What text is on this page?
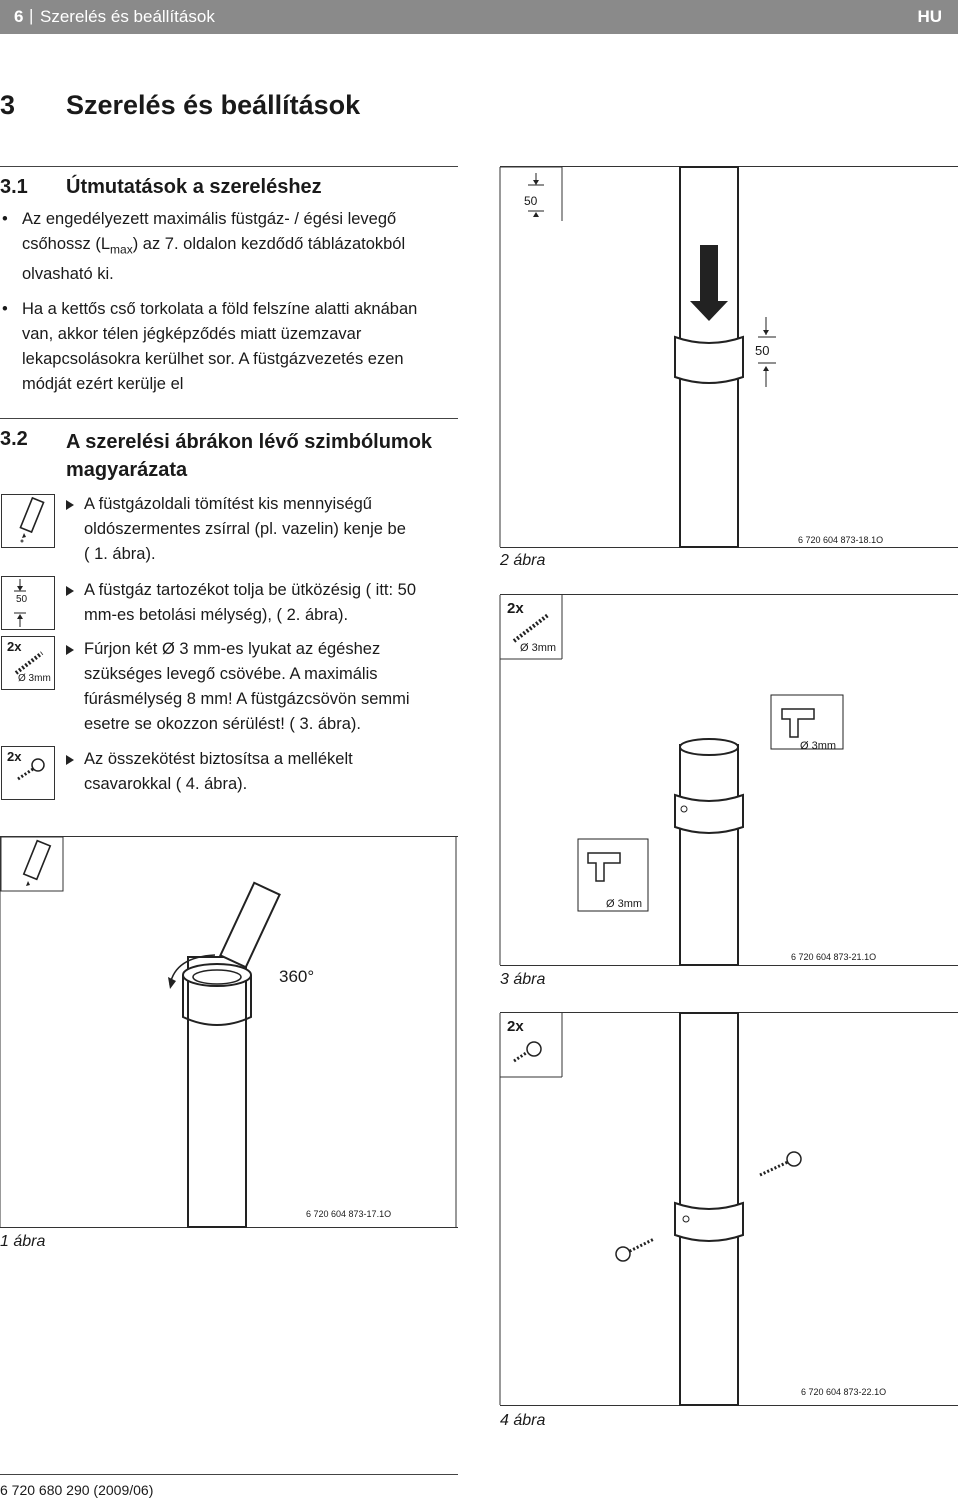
6 | Szerelés és beállítások	HU
3 Szerelés és beállítások
3.1 Útmutatások a szereléshez
• Az engedélyezett maximális füstgáz- / égési levegő
csőhossz $(L_{max})$ az 7. oldalon kezdődő táblázatokból
olvasható ki.
• Ha a kettős cső torkolata a föld felszíne alatti aknában
van, akkor télen jégképződés miatt üzemzavar
lekapcsolásokra kerülhet sor. A füstgázvezetés ezen
módját ezért kerülje el
3.2 A szerelési ábrákon lévő szimbólumok
magyarázata
50
2x
Ø 3mm
2x
A füstgázoldali tömítést kis mennyiségű
oldószermentes zsírral (pl. vazelin) kenje be
( 1. ábra).
A füstgáz tartozékot tolja be ütközésig ( itt: 50
mm-es betolási mélység), ( 2. ábra).
Fúrjon két Ø 3 mm-es lyukat az égéshez
szükséges levegő csövébe. A maximális
fúrásmélység 8 mm! A füstgázcsövön semmi
esetre se okozzon sérülést! ( 3. ábra).
Az összekötést biztosítsa a mellékelt
csavarokkal ( 4. ábra).
360°
6 720 604 873-17.1O
1 ábra
50
50
6 720 604 873-18.1O
2 ábra
2x
Ø 3mm
Ø 3mm
Ø 3mm
6 720 604 873-21.1O
3 ábra
2x
6 720 604 873-22.1O
4 ábra
6 720 680 290 (2009/06)
